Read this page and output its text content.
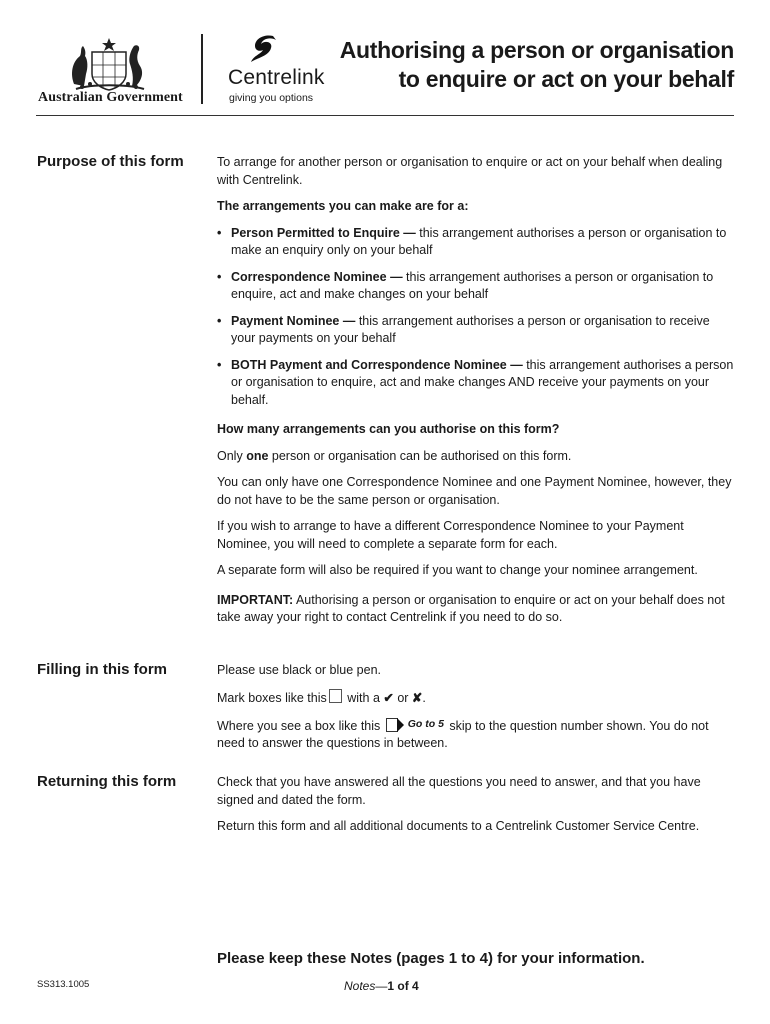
Australian Government
Centrelink
giving you options
Authorising a person or organisation
to enquire or act on your behalf
Purpose of this form	To arrange for another person or organisation to enquire or act on your behalf when dealing with Centrelink.

The arrangements you can make are for a:

• Person Permitted to Enquire — this arrangement authorises a person or organisation to make an enquiry only on your behalf
• Correspondence Nominee — this arrangement authorises a person or organisation to enquire, act and make changes on your behalf
• Payment Nominee — this arrangement authorises a person or organisation to receive your payments on your behalf
• BOTH Payment and Correspondence Nominee — this arrangement authorises a person or organisation to enquire, act and make changes AND receive your payments on your behalf.

How many arrangements can you authorise on this form?

Only one person or organisation can be authorised on this form.

You can only have one Correspondence Nominee and one Payment Nominee, however, they do not have to be the same person or organisation.

If you wish to arrange to have a different Correspondence Nominee to your Payment Nominee, you will need to complete a separate form for each.

A separate form will also be required if you want to change your nominee arrangement.

IMPORTANT: Authorising a person or organisation to enquire or act on your behalf does not take away your right to contact Centrelink if you need to do so.

Filling in this form	Please use black or blue pen.

Mark boxes like this with a ✔ or ✘.

Where you see a box like this Go to 5 skip to the question number shown. You do not need to answer the questions in between.

Returning this form	Check that you have answered all the questions you need to answer, and that you have signed and dated the form.

Return this form and all additional documents to a Centrelink Customer Service Centre.

Please keep these Notes (pages 1 to 4) for your information.
SS313.1005	Notes—1 of 4
